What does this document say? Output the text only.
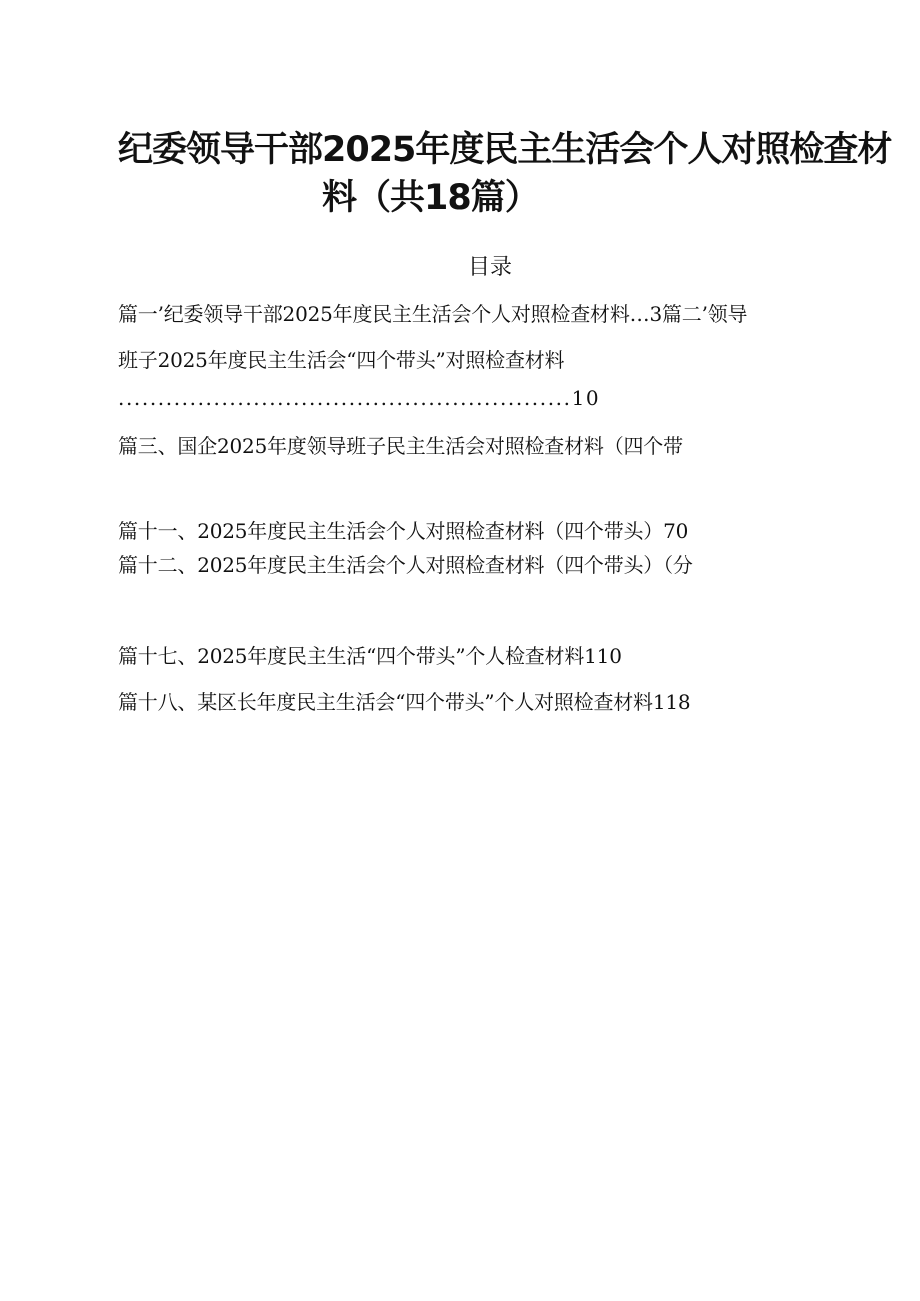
纪委领导干部2025年度民主生活会个人对照检查材
料（共18篇）
目录
篇一’纪委领导干部2025年度民主生活会个人对照检查材料…3篇二’领导
班子2025年度民主生活会“四个带头”对照检查材料
.........................................................10
篇三、国企2025年度领导班子民主生活会对照检查材料（四个带
篇十一、2025年度民主生活会个人对照检查材料（四个带头）70
篇十二、2025年度民主生活会个人对照检查材料（四个带头）（分
篇十七、2025年度民主生活“四个带头”个人检查材料110
篇十八、某区长年度民主生活会“四个带头”个人对照检查材料118
